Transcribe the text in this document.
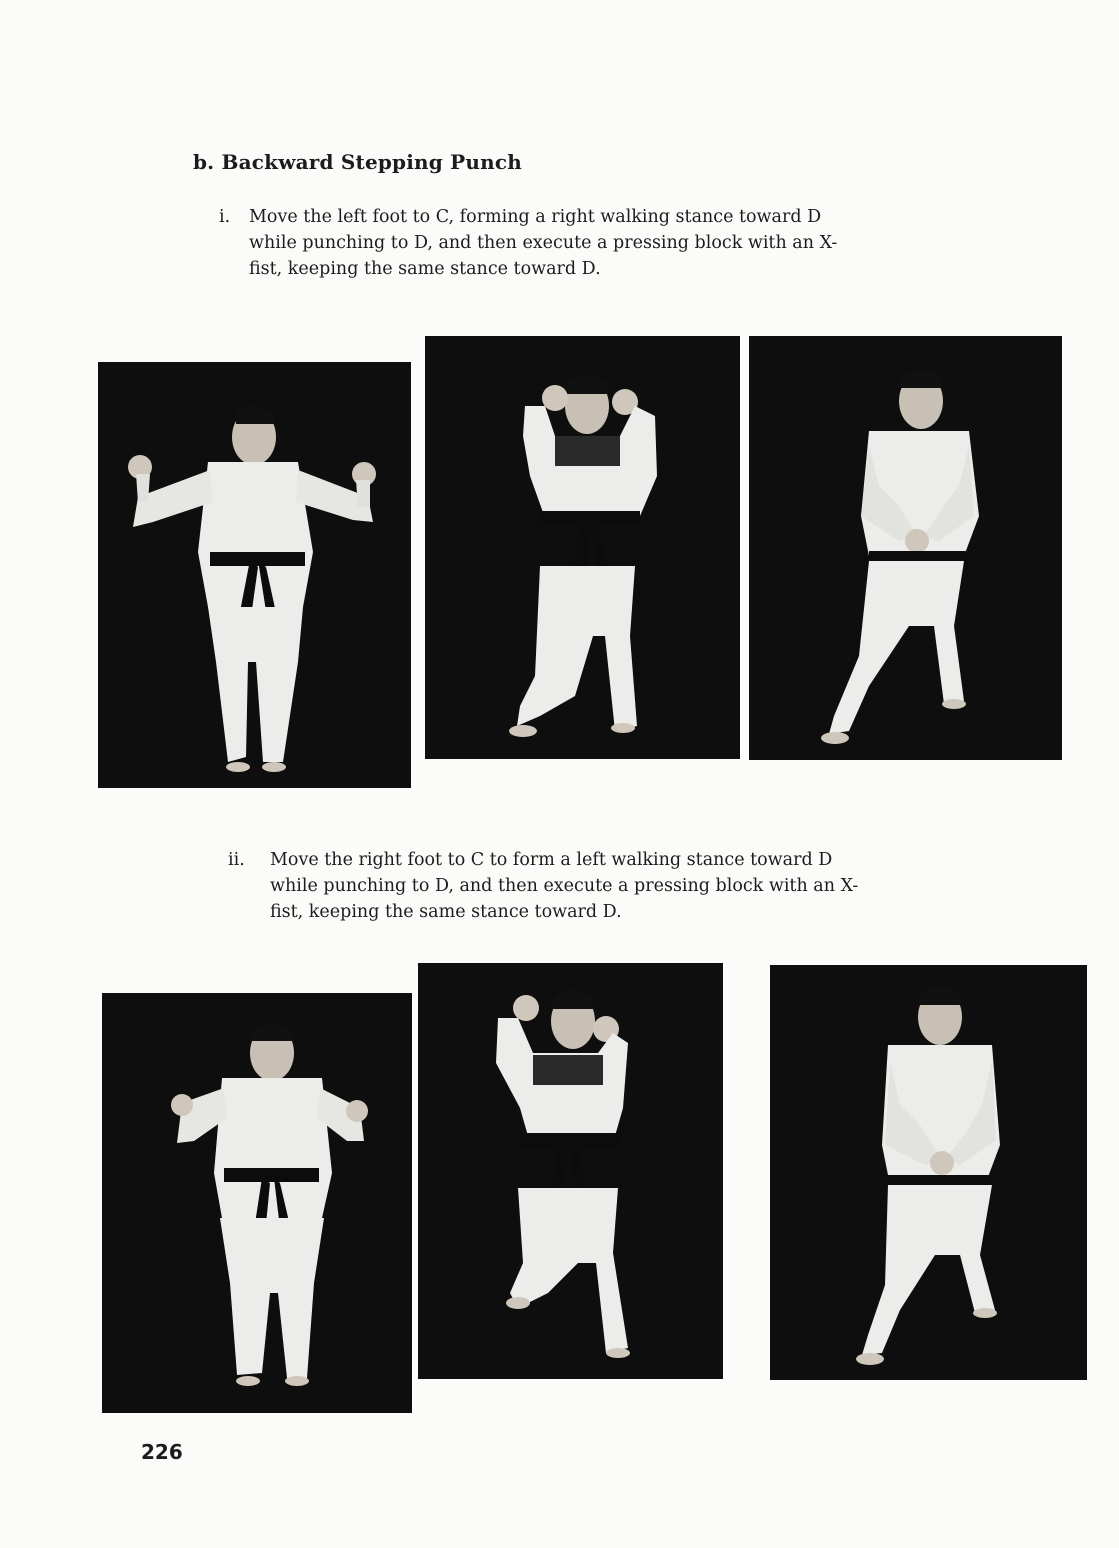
b. Backward Stepping Punch
i. Move the left foot to C, forming a right walking stance toward D
while punching to D, and then execute a pressing block with an X-
fist, keeping the same stance toward D.
ii. Move the right foot to C to form a left walking stance toward D
while punching to D, and then execute a pressing block with an X-
fist, keeping the same stance toward D.
226
